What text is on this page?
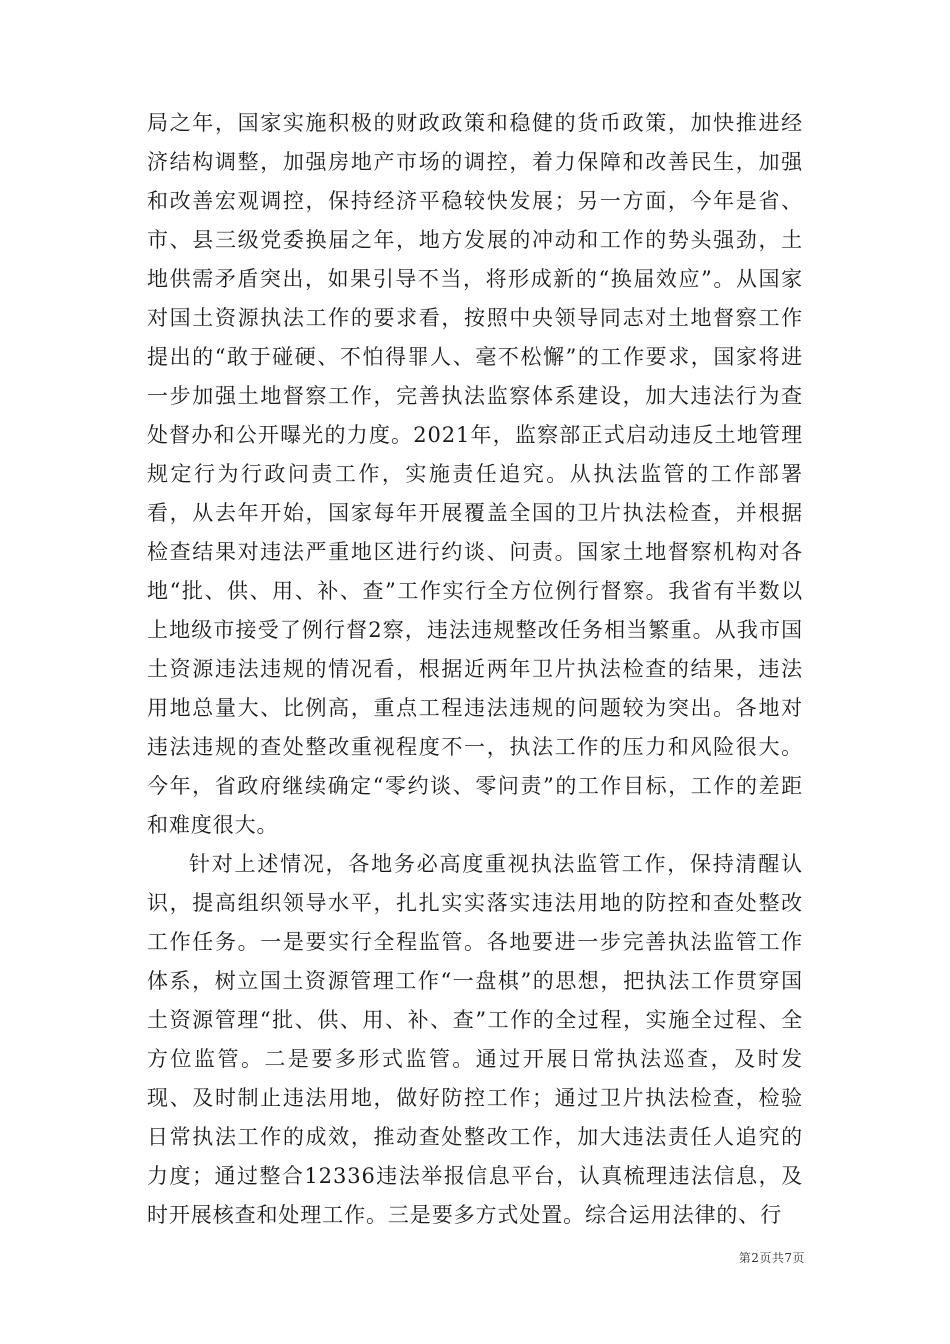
局之年，国家实施积极的财政政策和稳健的货币政策，加快推进经济结构调整，加强房地产市场的调控，着力保障和改善民生，加强和改善宏观调控，保持经济平稳较快发展；另一方面，今年是省、市、县三级党委换届之年，地方发展的冲动和工作的势头强劲，土地供需矛盾突出，如果引导不当，将形成新的“换届效应”。从国家对国土资源执法工作的要求看，按照中央领导同志对土地督察工作提出的“敢于碰硬、不怕得罪人、毫不松懈”的工作要求，国家将进一步加强土地督察工作，完善执法监察体系建设，加大违法行为查处督办和公开曝光的力度。2021年，监察部正式启动违反土地管理规定行为行政问责工作，实施责任追究。从执法监管的工作部署看，从去年开始，国家每年开展覆盖全国的卫片执法检查，并根据检查结果对违法严重地区进行约谈、问责。国家土地督察机构对各地“批、供、用、补、查”工作实行全方位例行督察。我省有半数以上地级市接受了例行督2察，违法违规整改任务相当繁重。从我市国土资源违法违规的情况看，根据近两年卫片执法检查的结果，违法用地总量大、比例高，重点工程违法违规的问题较为突出。各地对违法违规的查处整改重视程度不一，执法工作的压力和风险很大。今年，省政府继续确定“零约谈、零问责”的工作目标，工作的差距和难度很大。

针对上述情况，各地务必高度重视执法监管工作，保持清醒认识，提高组织领导水平，扎扎实实落实违法用地的防控和查处整改工作任务。一是要实行全程监管。各地要进一步完善执法监管工作体系，树立国土资源管理工作“一盘棋”的思想，把执法工作贯穿国土资源管理“批、供、用、补、查”工作的全过程，实施全过程、全方位监管。二是要多形式监管。通过开展日常执法巡查，及时发现、及时制止违法用地，做好防控工作；通过卫片执法检查，检验日常执法工作的成效，推动查处整改工作，加大违法责任人追究的力度；通过整合12336违法举报信息平台，认真梳理违法信息，及时开展核查和处理工作。三是要多方式处置。综合运用法律的、行

第2页共7页
